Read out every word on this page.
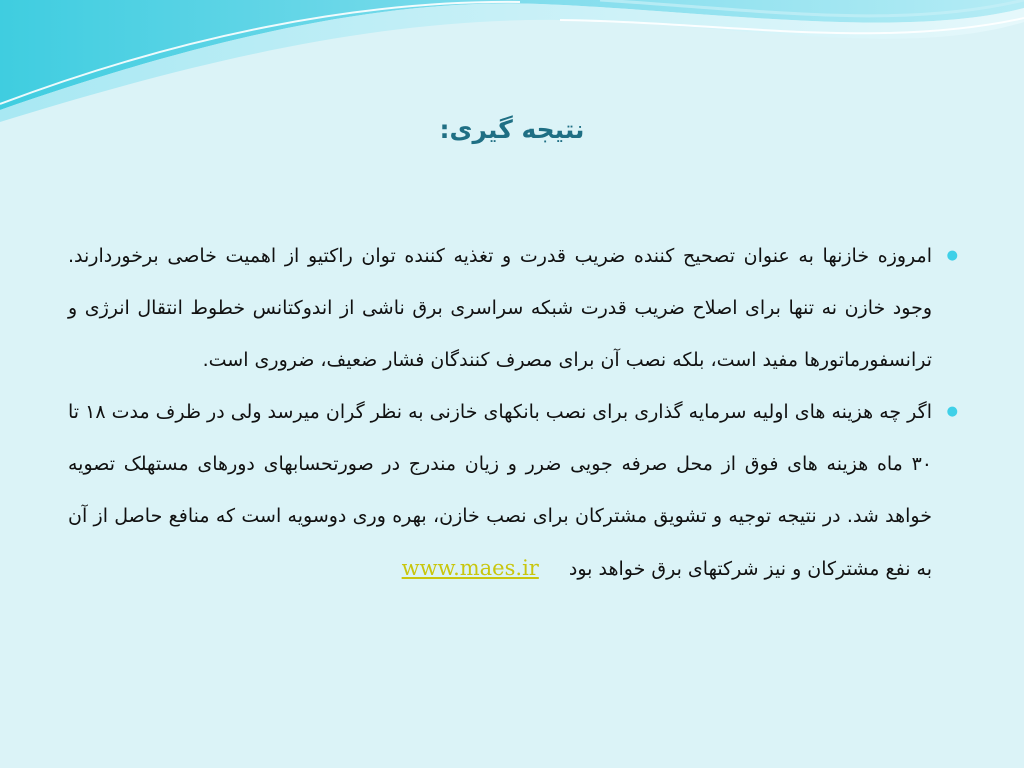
نتیجه گیری:
●
امروزه خازنها به عنوان تصحیح کننده ضریب قدرت و تغذیه کننده توان راکتیو از اهمیت خاصی برخوردارند. وجود خازن نه تنها برای اصلاح ضریب قدرت شبکه سراسری برق ناشی از اندوکتانس خطوط انتقال انرژی و ترانسفورماتورها مفید است، بلکه نصب آن برای مصرف کنندگان فشار ضعیف، ضروری است.
●
اگر چه هزینه های اولیه سرمایه گذاری برای نصب بانکهای خازنی به نظر گران میرسد ولی در ظرف مدت ۱۸ تا ۳۰ ماه هزینه های فوق از محل صرفه جویی ضرر و زیان مندرج در صورتحسابهای دورهای مستهلک تصویه خواهد شد. در نتیجه توجیه و تشویق مشترکان برای نصب خازن، بهره وری دوسویه است که منافع حاصل از آن به نفع مشترکان و نیز شرکتهای برق خواهد بود www.maes.ir
